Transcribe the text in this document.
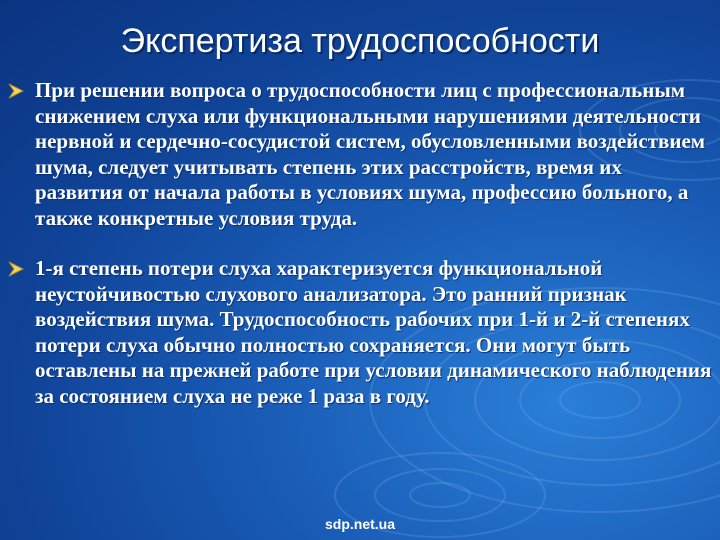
Экспертиза трудоспособности
При решении вопроса о трудоспособности лиц с профессиональным снижением слуха или функциональными нарушениями деятельности нервной и сердечно-сосудистой систем, обусловленными воздействием шума, следует учитывать степень этих расстройств, время их развития от начала работы в условиях шума, профессию больного, а также конкретные условия труда.
1-я степень потери слуха характеризуется функциональной неустойчивостью слухового анализатора. Это ранний признак воздействия шума. Трудоспособность рабочих при 1-й и 2-й степенях потери слуха обычно полностью сохраняется. Они могут быть оставлены на прежней работе при условии динамического наблюдения за состоянием слуха не реже 1 раза в году.
sdp.net.ua
